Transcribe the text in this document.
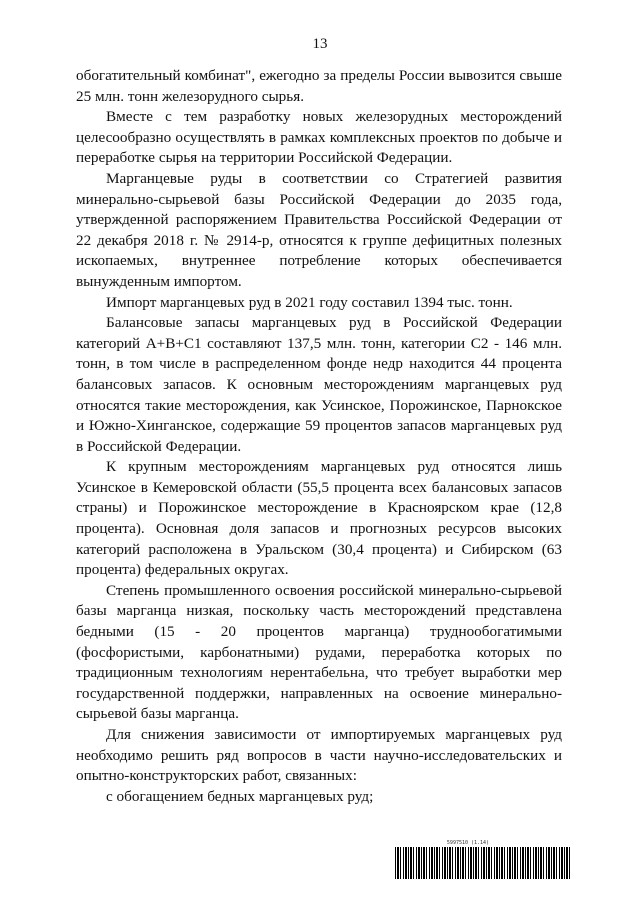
13

обогатительный комбинат", ежегодно за пределы России вывозится свыше 25 млн. тонн железорудного сырья.

Вместе с тем разработку новых железорудных месторождений целесообразно осуществлять в рамках комплексных проектов по добыче и переработке сырья на территории Российской Федерации.

Марганцевые руды в соответствии со Стратегией развития минерально-сырьевой базы Российской Федерации до 2035 года, утвержденной распоряжением Правительства Российской Федерации от 22 декабря 2018 г. № 2914-р, относятся к группе дефицитных полезных ископаемых, внутреннее потребление которых обеспечивается вынужденным импортом.

Импорт марганцевых руд в 2021 году составил 1394 тыс. тонн.

Балансовые запасы марганцевых руд в Российской Федерации категорий А+В+С1 составляют 137,5 млн. тонн, категории С2 - 146 млн. тонн, в том числе в распределенном фонде недр находится 44 процента балансовых запасов. К основным месторождениям марганцевых руд относятся такие месторождения, как Усинское, Порожинское, Парнокское и Южно-Хинганское, содержащие 59 процентов запасов марганцевых руд в Российской Федерации.

К крупным месторождениям марганцевых руд относятся лишь Усинское в Кемеровской области (55,5 процента всех балансовых запасов страны) и Порожинское месторождение в Красноярском крае (12,8 процента). Основная доля запасов и прогнозных ресурсов высоких категорий расположена в Уральском (30,4 процента) и Сибирском (63 процента) федеральных округах.

Степень промышленного освоения российской минерально-сырьевой базы марганца низкая, поскольку часть месторождений представлена бедными (15 - 20 процентов марганца) труднообогатимыми (фосфористыми, карбонатными) рудами, переработка которых по традиционным технологиям нерентабельна, что требует выработки мер государственной поддержки, направленных на освоение минерально-сырьевой базы марганца.

Для снижения зависимости от импортируемых марганцевых руд необходимо решить ряд вопросов в части научно-исследовательских и опытно-конструкторских работ, связанных:

с обогащением бедных марганцевых руд;

5997510 (1.14)
